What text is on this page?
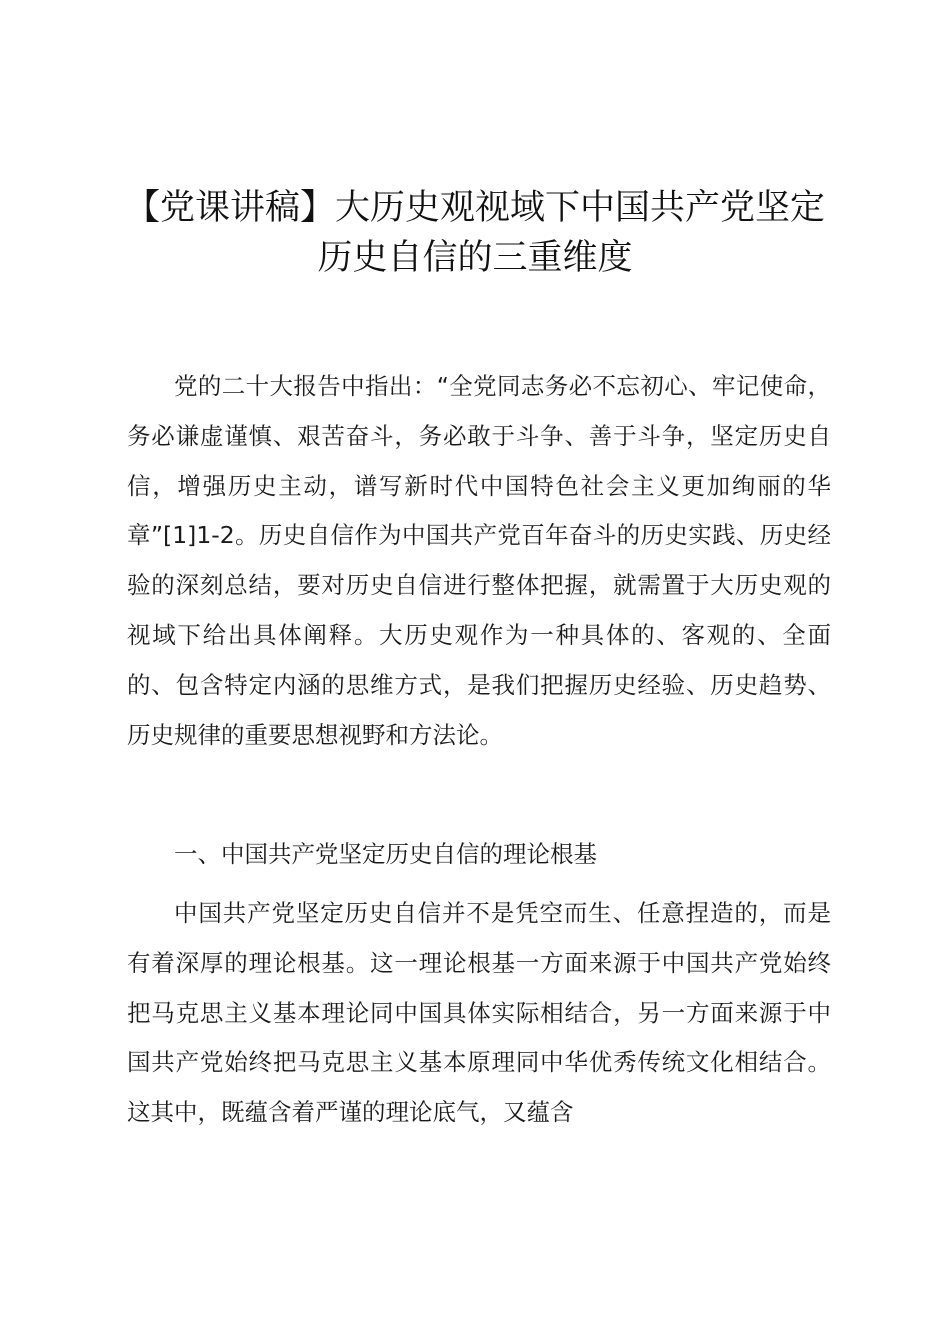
【党课讲稿】大历史观视域下中国共产党坚定
历史自信的三重维度

党的二十大报告中指出：“全党同志务必不忘初心、牢记使命，务必谦虚谨慎、艰苦奋斗，务必敢于斗争、善于斗争，坚定历史自信，增强历史主动，谱写新时代中国特色社会主义更加绚丽的华章”[1]1-2。历史自信作为中国共产党百年奋斗的历史实践、历史经验的深刻总结，要对历史自信进行整体把握，就需置于大历史观的视域下给出具体阐释。大历史观作为一种具体的、客观的、全面的、包含特定内涵的思维方式，是我们把握历史经验、历史趋势、历史规律的重要思想视野和方法论。

一、中国共产党坚定历史自信的理论根基

中国共产党坚定历史自信并不是凭空而生、任意捏造的，而是有着深厚的理论根基。这一理论根基一方面来源于中国共产党始终把马克思主义基本理论同中国具体实际相结合，另一方面来源于中国共产党始终把马克思主义基本原理同中华优秀传统文化相结合。这其中，既蕴含着严谨的理论底气，又蕴含
